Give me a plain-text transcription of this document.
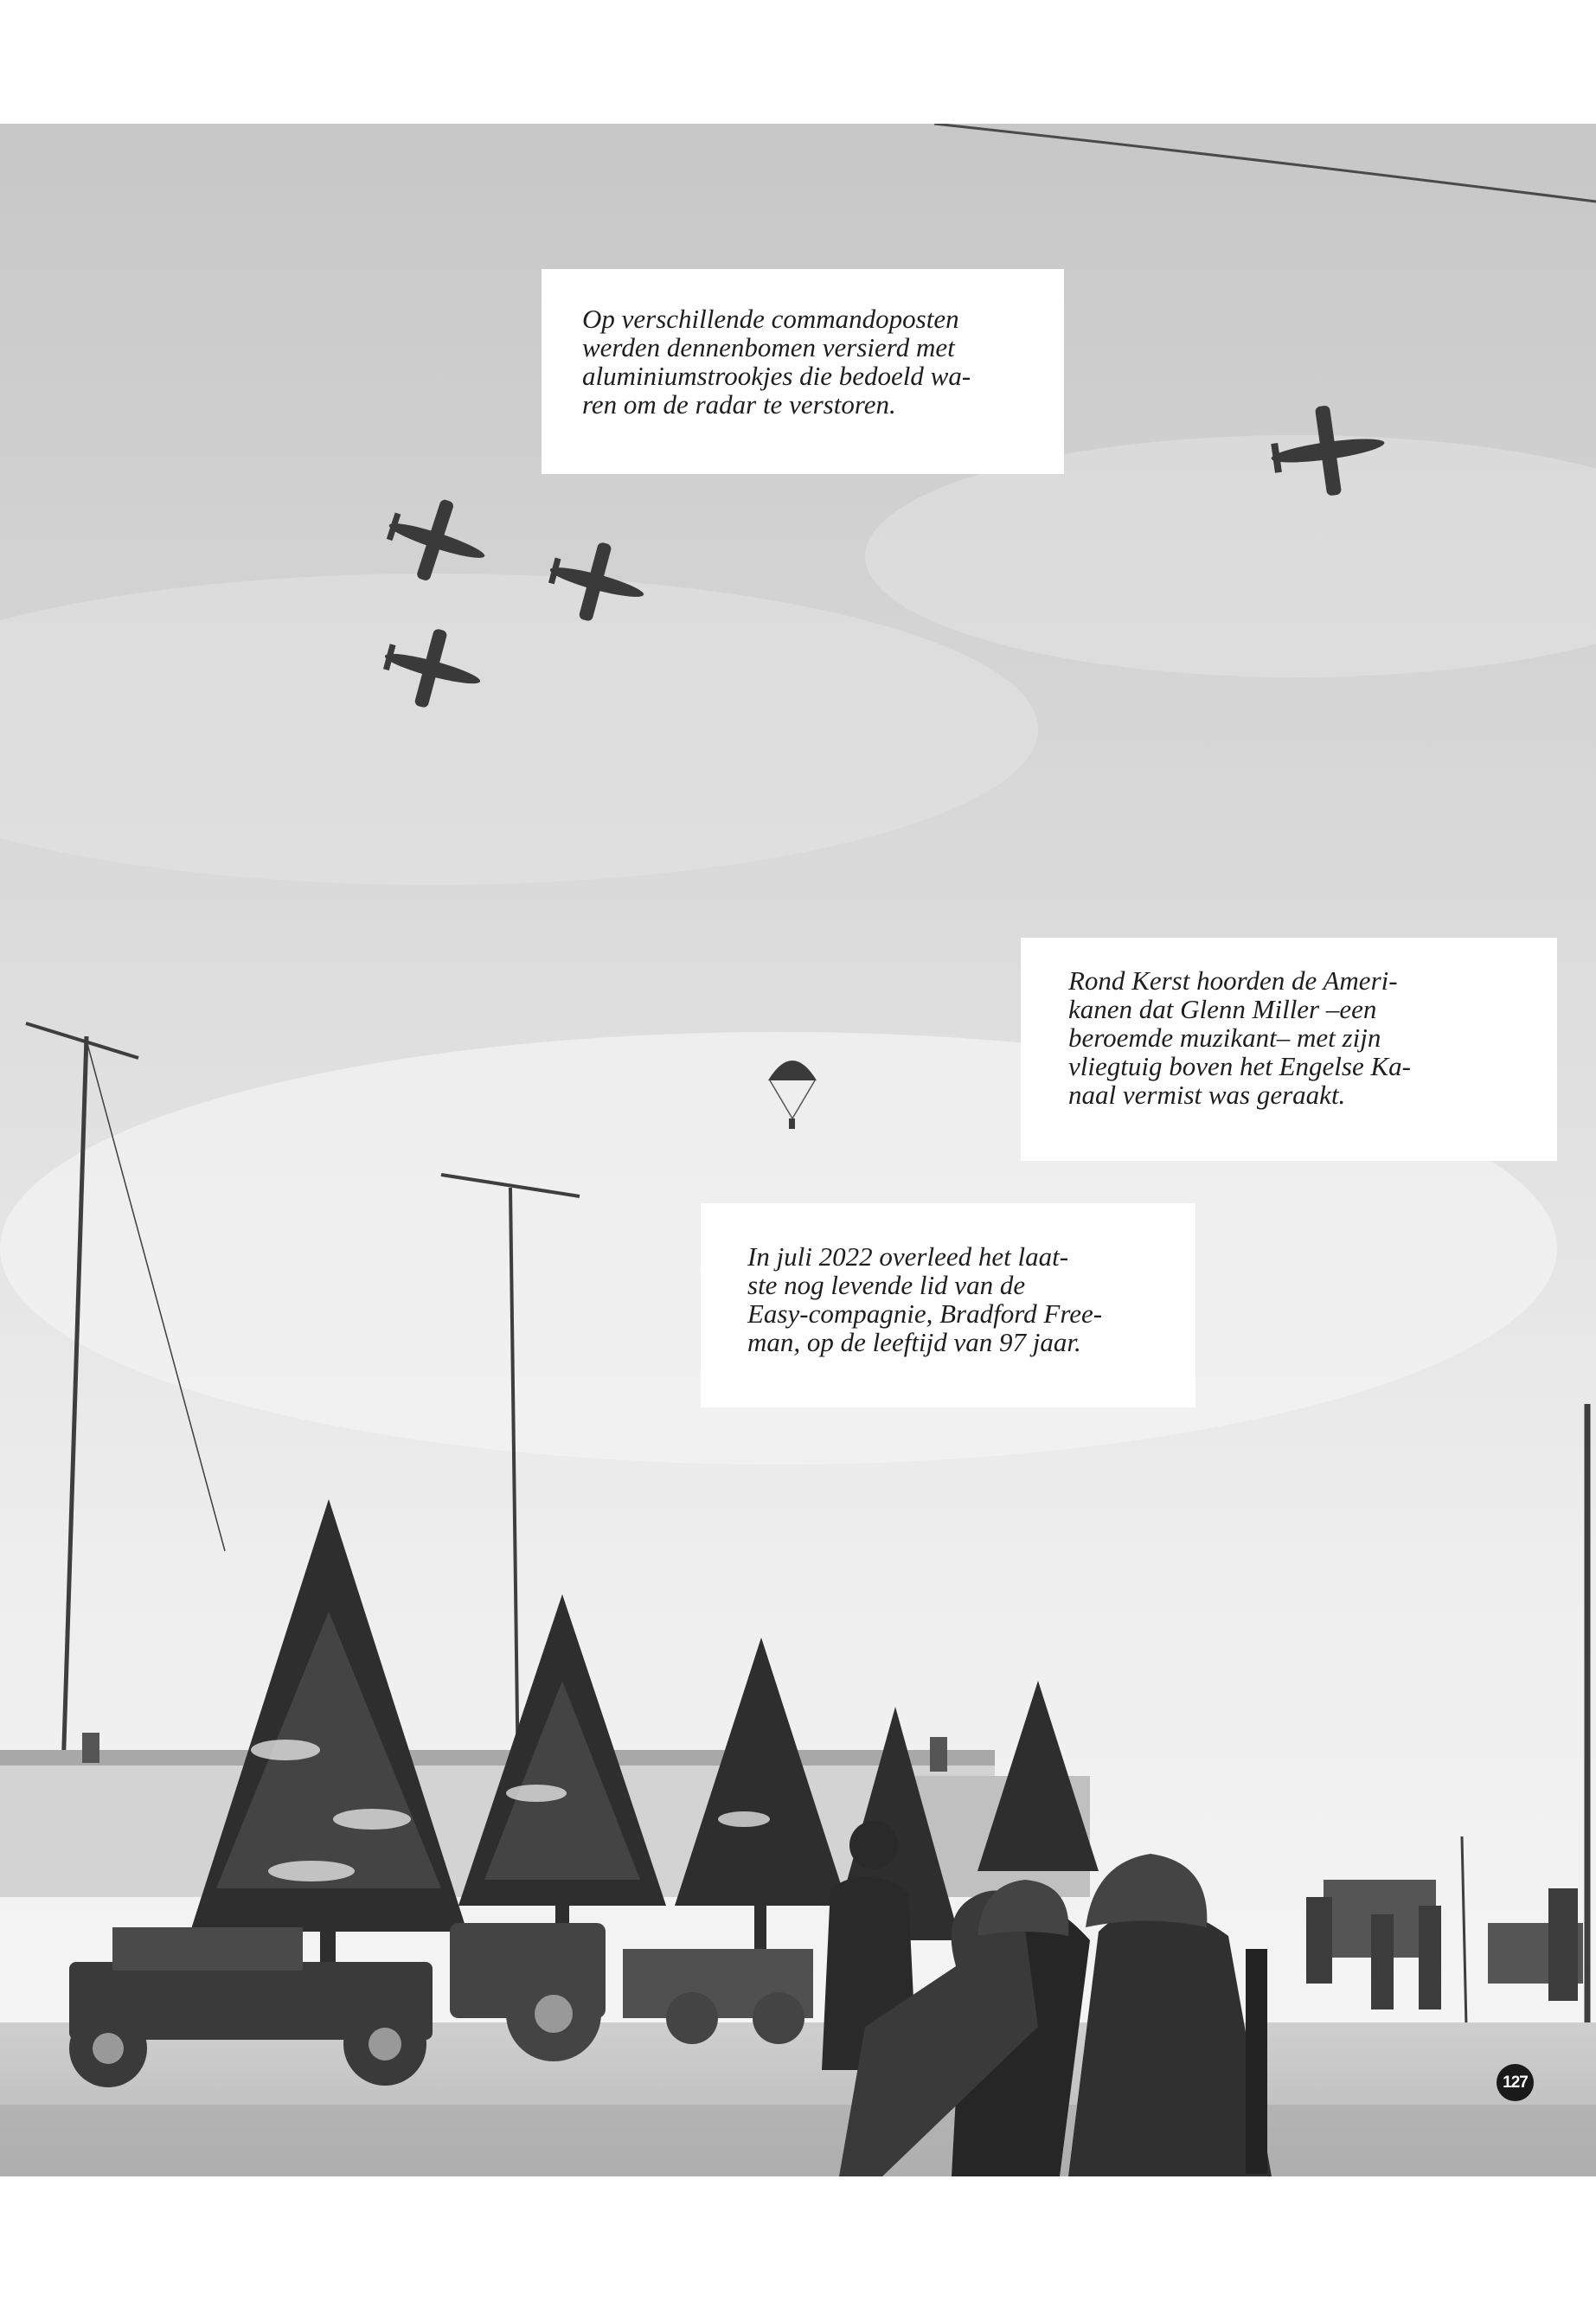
Op verschillende commandoposten
werden dennenbomen versierd met
aluminiumstrookjes die bedoeld wa-
ren om de radar te verstoren.
Rond Kerst hoorden de Ameri-
kanen dat Glenn Miller –een
beroemde muzikant– met zijn
vliegtuig boven het Engelse Ka-
naal vermist was geraakt.
In juli 2022 overleed het laat-
ste nog levende lid van de
Easy-compagnie, Bradford Free-
man, op de leeftijd van 97 jaar.
127
